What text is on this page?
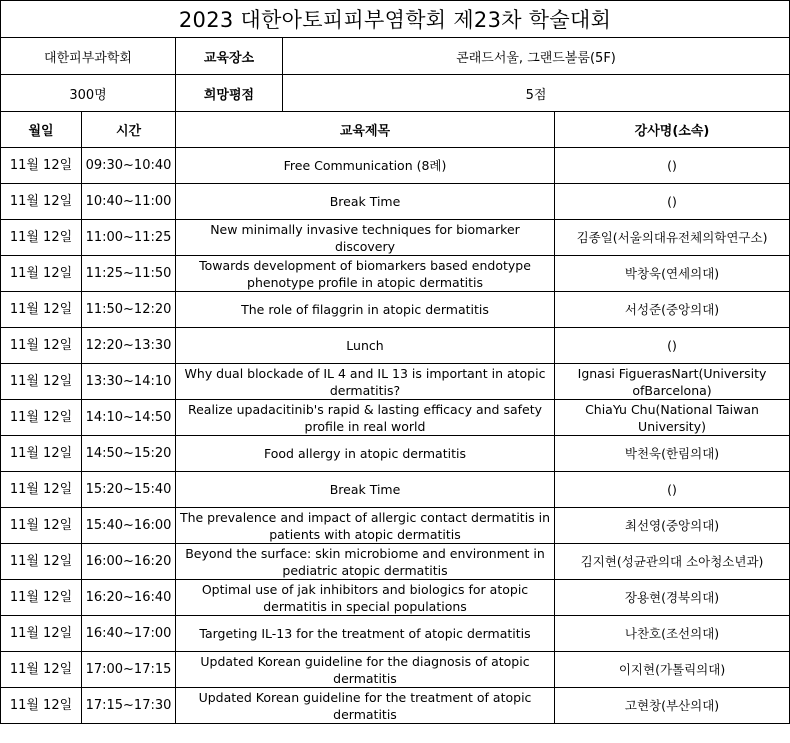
2023 대한아토피피부염학회 제23차 학술대회				
대한피부과학회		교육장소	콘래드서울, 그랜드볼룸(5F)	
300명		희망평점	5점	
월일	시간	교육제목		강사명(소속)
11월 12일	09:30~10:40	Free Communication (8례)		()
11월 12일	10:40~11:00	Break Time		()
11월 12일	11:00~11:25	New minimally invasive techniques for biomarker discovery		김종일(서울의대유전체의학연구소)
11월 12일	11:25~11:50	Towards development of biomarkers based endotype phenotype profile in atopic dermatitis		박창욱(연세의대)
11월 12일	11:50~12:20	The role of filaggrin in atopic dermatitis		서성준(중앙의대)
11월 12일	12:20~13:30	Lunch		()
11월 12일	13:30~14:10	Why dual blockade of IL 4 and IL 13 is important in atopic dermatitis?		Ignasi FiguerasNart(University ofBarcelona)
11월 12일	14:10~14:50	Realize upadacitinib's rapid & lasting efficacy and safety profile in real world		ChiaYu Chu(National Taiwan University)
11월 12일	14:50~15:20	Food allergy in atopic dermatitis		박천욱(한림의대)
11월 12일	15:20~15:40	Break Time		()
11월 12일	15:40~16:00	The prevalence and impact of allergic contact dermatitis in patients with atopic dermatitis		최선영(중앙의대)
11월 12일	16:00~16:20	Beyond the surface: skin microbiome and environment in pediatric atopic dermatitis		김지현(성균관의대 소아청소년과)
11월 12일	16:20~16:40	Optimal use of jak inhibitors and biologics for atopic dermatitis in special populations		장용현(경북의대)
11월 12일	16:40~17:00	Targeting IL-13 for the treatment of atopic dermatitis		나찬호(조선의대)
11월 12일	17:00~17:15	Updated Korean guideline for the diagnosis of atopic dermatitis		이지현(가톨릭의대)
11월 12일	17:15~17:30	Updated Korean guideline for the treatment of atopic dermatitis		고현창(부산의대)
